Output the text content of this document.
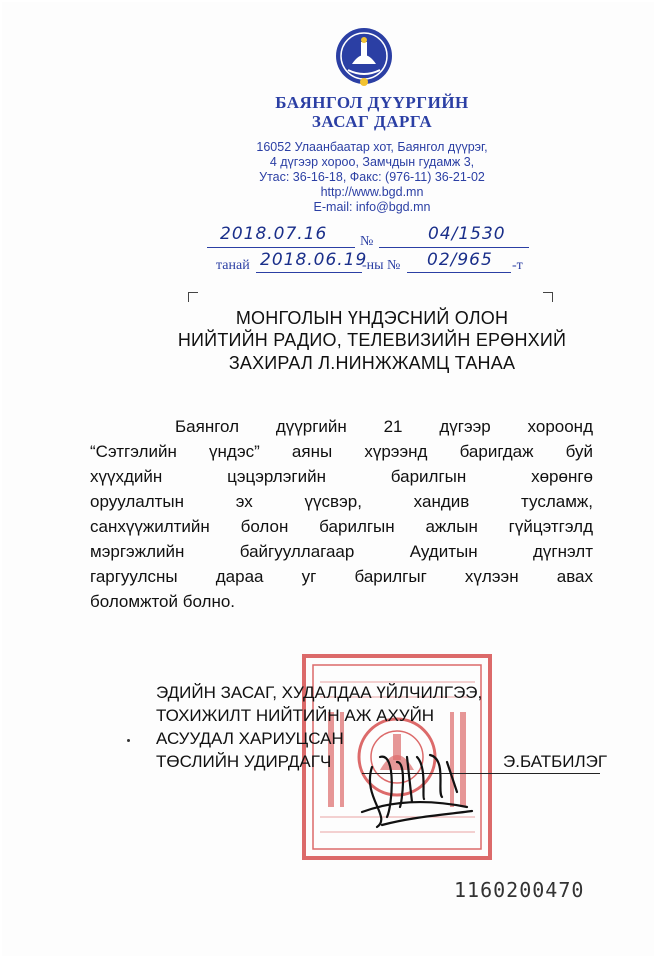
БАЯНГОЛ ДҮҮРГИЙН
ЗАСАГ ДАРГА
16052 Улаанбаатар хот, Баянгол дүүрэг,
4 дүгээр хороо, Замчдын гудамж 3,
Утас: 36-16-18, Факс: (976-11) 36-21-02
http://www.bgd.mn
E-mail: info@bgd.mn
2018.07.16 №	04/1530
танай 2018.06.19
-ны № 02/965 -т
МОНГОЛЫН ҮНДЭСНИЙ ОЛОН
НИЙТИЙН РАДИО, ТЕЛЕВИЗИЙН ЕРӨНХИЙ
ЗАХИРАЛ Л.НИНЖЖАМЦ ТАНАА
Баянгол дүүргийн 21 дүгээр хороонд
“Сэтгэлийн үндэс” аяны хүрээнд баригдаж буй
хүүхдийн цэцэрлэгийн барилгын хөрөнгө
оруулалтын эх үүсвэр, хандив тусламж,
санхүүжилтийн болон барилгын ажлын гүйцэтгэлд
мэргэжлийн байгууллагаар Аудитын дүгнэлт
гаргуулсны дараа уг барилгыг хүлээн авах
боломжтой болно.
ЭДИЙН ЗАСАГ, ХУДАЛДАА ҮЙЛЧИЛГЭЭ,
ТОХИЖИЛТ НИЙТИЙН АЖ АХУЙН
АСУУДАЛ ХАРИУЦСАН
ТӨСЛИЙН УДИРДАГЧ	Э.БАТБИЛЭГ
1160200470
